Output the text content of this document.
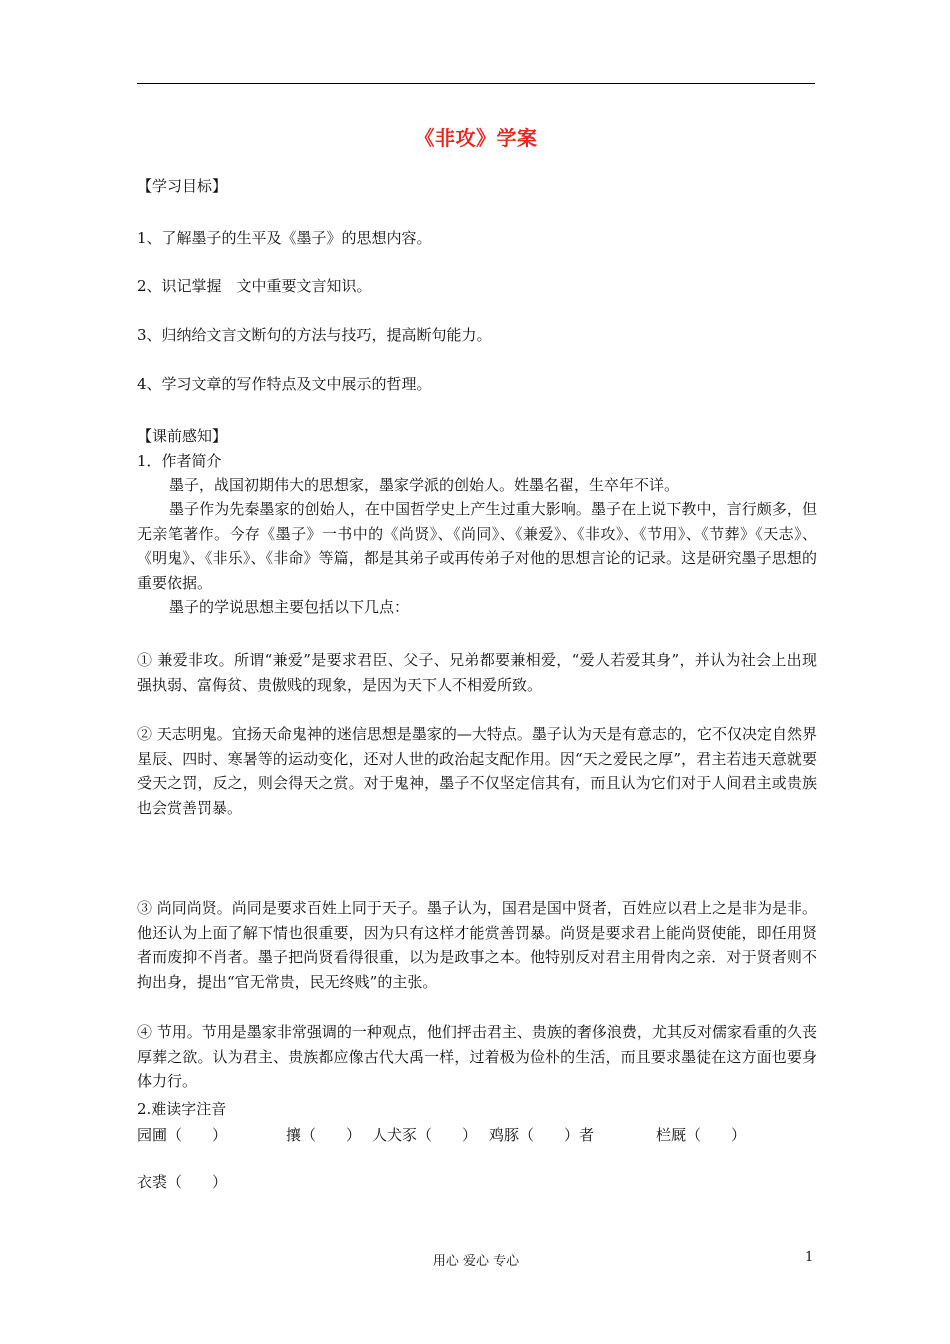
《非攻》学案
【学习目标】
1、了解墨子的生平及《墨子》的思想内容。
2、识记掌握　文中重要文言知识。
3、归纳给文言文断句的方法与技巧，提高断句能力。
4、学习文章的写作特点及文中展示的哲理。
【课前感知】
1．作者简介
墨子，战国初期伟大的思想家，墨家学派的创始人。姓墨名翟，生卒年不详。
墨子作为先秦墨家的创始人，在中国哲学史上产生过重大影响。墨子在上说下教中，言行颇多，但无亲笔著作。今存《墨子》一书中的《尚贤》、《尚同》、《兼爱》、《非攻》、《节用》、《节葬》《天志》、《明鬼》、《非乐》、《非命》等篇，都是其弟子或再传弟子对他的思想言论的记录。这是研究墨子思想的重要依据。
墨子的学说思想主要包括以下几点：
① 兼爱非攻。所谓“兼爱”是要求君臣、父子、兄弟都要兼相爱，“爱人若爱其身”，并认为社会上出现强执弱、富侮贫、贵傲贱的现象，是因为天下人不相爱所致。
② 天志明鬼。宜扬天命鬼神的迷信思想是墨家的—大特点。墨子认为天是有意志的，它不仅决定自然界星辰、四时、寒暑等的运动变化，还对人世的政治起支配作用。因“天之爱民之厚”，君主若违天意就要受天之罚，反之，则会得天之赏。对于鬼神，墨子不仅坚定信其有，而且认为它们对于人间君主或贵族也会赏善罚暴。
③ 尚同尚贤。尚同是要求百姓上同于天子。墨子认为，国君是国中贤者，百姓应以君上之是非为是非。他还认为上面了解下情也很重要，因为只有这样才能赏善罚暴。尚贤是要求君上能尚贤使能，即任用贤者而废抑不肖者。墨子把尚贤看得很重，以为是政事之本。他特别反对君主用骨肉之亲．对于贤者则不拘出身，提出“官无常贵，民无终贱”的主张。
④ 节用。节用是墨家非常强调的一种观点，他们抨击君主、贵族的奢侈浪费，尤其反对儒家看重的久丧厚葬之欲。认为君主、贵族都应像古代大禹一样，过着极为俭朴的生活，而且要求墨徒在这方面也要身体力行。
2.难读字注音
园圃（　　）	攘（　　） 人犬豕（　　） 鸡豚（　　）者	栏厩（　　）
衣裘（　　）
用心 爱心 专心	1
